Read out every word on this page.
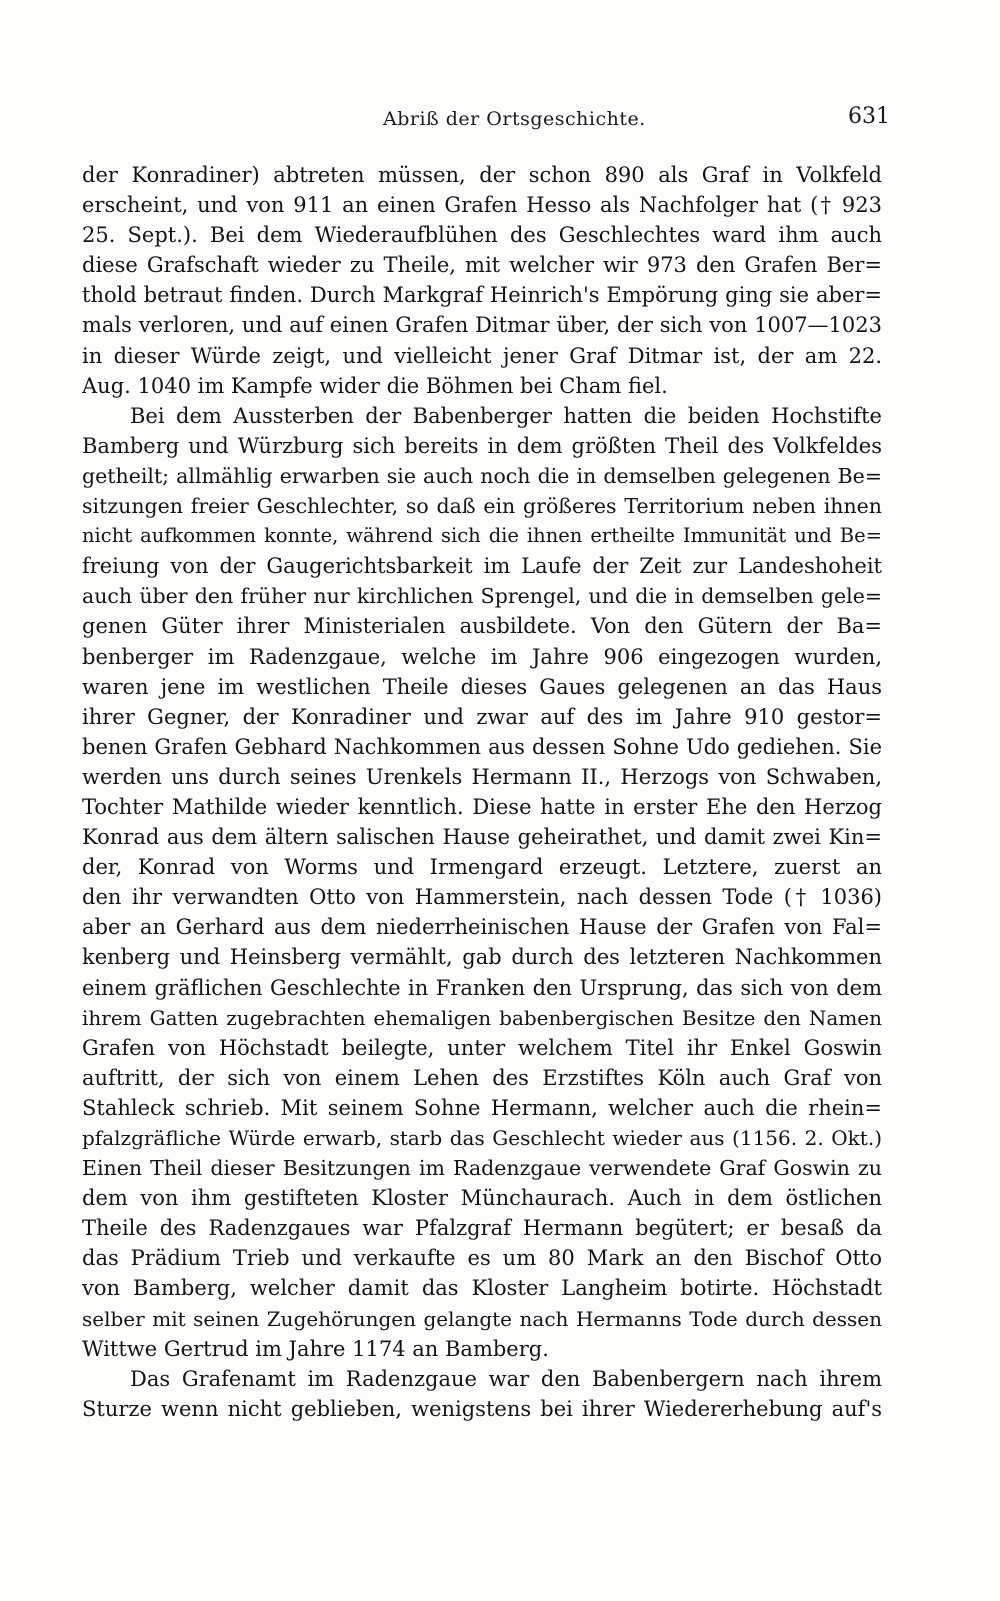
Abriß der Ortsgeschichte.	631
der Konradiner) abtreten müssen, der schon 890 als Graf in Volkfeld
erscheint, und von 911 an einen Grafen Hesso als Nachfolger hat († 923
25. Sept.). Bei dem Wiederaufblühen des Geschlechtes ward ihm auch
diese Grafschaft wieder zu Theile, mit welcher wir 973 den Grafen Ber=
thold betraut finden. Durch Markgraf Heinrich's Empörung ging sie aber=
mals verloren, und auf einen Grafen Ditmar über, der sich von 1007—1023
in dieser Würde zeigt, und vielleicht jener Graf Ditmar ist, der am 22.
Aug. 1040 im Kampfe wider die Böhmen bei Cham fiel.
Bei dem Aussterben der Babenberger hatten die beiden Hochstifte
Bamberg und Würzburg sich bereits in dem größten Theil des Volkfeldes
getheilt; allmählig erwarben sie auch noch die in demselben gelegenen Be=
sitzungen freier Geschlechter, so daß ein größeres Territorium neben ihnen
nicht aufkommen konnte, während sich die ihnen ertheilte Immunität und Be=
freiung von der Gaugerichtsbarkeit im Laufe der Zeit zur Landeshoheit
auch über den früher nur kirchlichen Sprengel, und die in demselben gele=
genen Güter ihrer Ministerialen ausbildete. Von den Gütern der Ba=
benberger im Radenzgaue, welche im Jahre 906 eingezogen wurden,
waren jene im westlichen Theile dieses Gaues gelegenen an das Haus
ihrer Gegner, der Konradiner und zwar auf des im Jahre 910 gestor=
benen Grafen Gebhard Nachkommen aus dessen Sohne Udo gediehen. Sie
werden uns durch seines Urenkels Hermann II., Herzogs von Schwaben,
Tochter Mathilde wieder kenntlich. Diese hatte in erster Ehe den Herzog
Konrad aus dem ältern salischen Hause geheirathet, und damit zwei Kin=
der, Konrad von Worms und Irmengard erzeugt. Letztere, zuerst an
den ihr verwandten Otto von Hammerstein, nach dessen Tode († 1036)
aber an Gerhard aus dem niederrheinischen Hause der Grafen von Fal=
kenberg und Heinsberg vermählt, gab durch des letzteren Nachkommen
einem gräflichen Geschlechte in Franken den Ursprung, das sich von dem
ihrem Gatten zugebrachten ehemaligen babenbergischen Besitze den Namen
Grafen von Höchstadt beilegte, unter welchem Titel ihr Enkel Goswin
auftritt, der sich von einem Lehen des Erzstiftes Köln auch Graf von
Stahleck schrieb. Mit seinem Sohne Hermann, welcher auch die rhein=
pfalzgräfliche Würde erwarb, starb das Geschlecht wieder aus (1156. 2. Okt.)
Einen Theil dieser Besitzungen im Radenzgaue verwendete Graf Goswin zu
dem von ihm gestifteten Kloster Münchaurach. Auch in dem östlichen
Theile des Radenzgaues war Pfalzgraf Hermann begütert; er besaß da
das Prädium Trieb und verkaufte es um 80 Mark an den Bischof Otto
von Bamberg, welcher damit das Kloster Langheim botirte. Höchstadt
selber mit seinen Zugehörungen gelangte nach Hermanns Tode durch dessen
Wittwe Gertrud im Jahre 1174 an Bamberg.
Das Grafenamt im Radenzgaue war den Babenbergern nach ihrem
Sturze wenn nicht geblieben, wenigstens bei ihrer Wiedererhebung auf's
